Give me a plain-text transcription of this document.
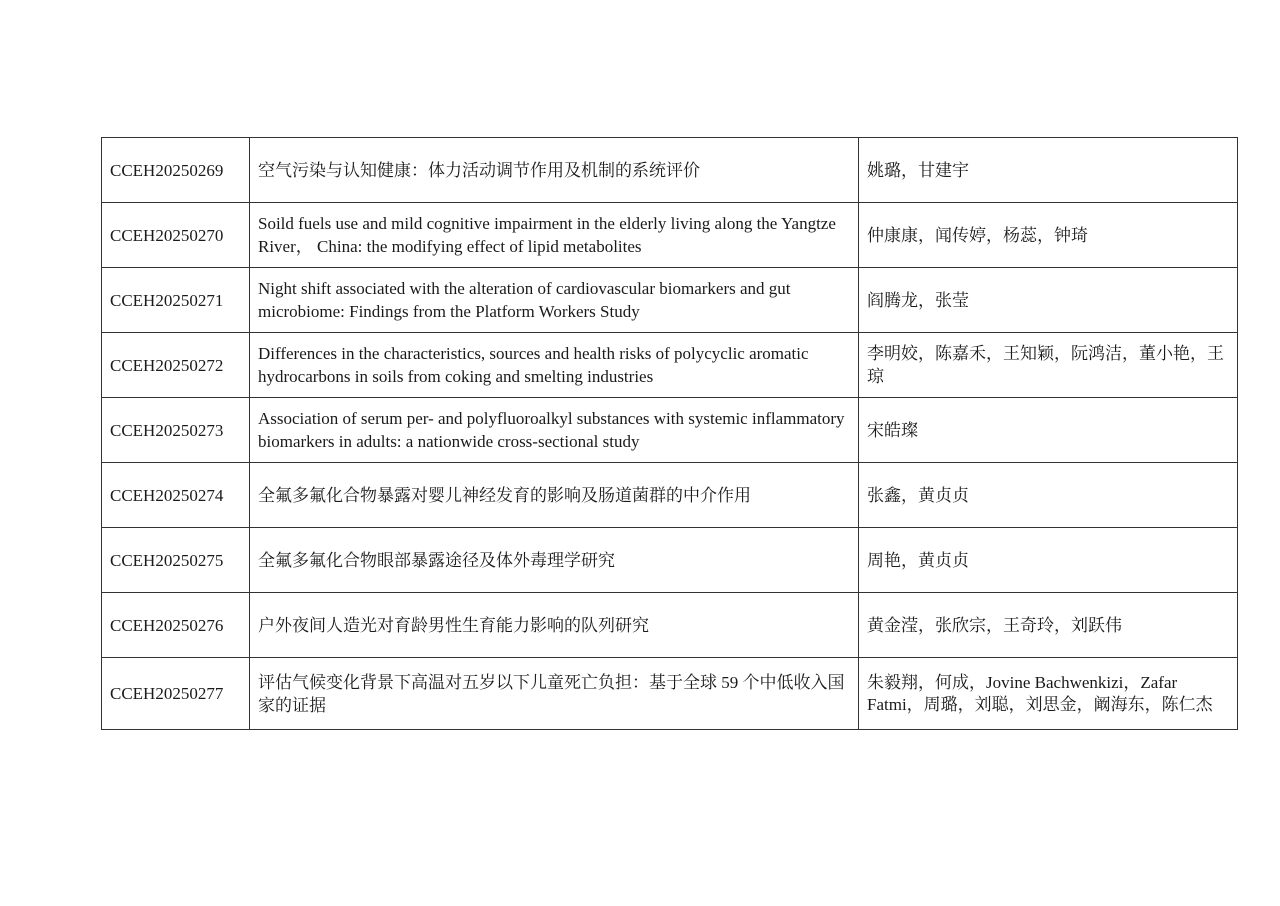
CCEH20250269	空气污染与认知健康：体力活动调节作用及机制的系统评价	姚璐，甘建宇
CCEH20250270	Soild fuels use and mild cognitive impairment in the elderly living along the Yangtze River， China: the modifying effect of lipid metabolites	仲康康，闻传婷，杨蕊，钟琦
CCEH20250271	Night shift associated with the alteration of cardiovascular biomarkers and gut microbiome: Findings from the Platform Workers Study	阎腾龙，张莹
CCEH20250272	Differences in the characteristics, sources and health risks of polycyclic aromatic hydrocarbons in soils from coking and smelting industries	李明姣，陈嘉禾，王知颖，阮鸿洁，董小艳，王琼
CCEH20250273	Association of serum per- and polyfluoroalkyl substances with systemic inflammatory biomarkers in adults: a nationwide cross-sectional study	宋皓璨
CCEH20250274	全氟多氟化合物暴露对婴儿神经发育的影响及肠道菌群的中介作用	张鑫，黄贞贞
CCEH20250275	全氟多氟化合物眼部暴露途径及体外毒理学研究	周艳，黄贞贞
CCEH20250276	户外夜间人造光对育龄男性生育能力影响的队列研究	黄金滢，张欣宗，王奇玲，刘跃伟
CCEH20250277	评估气候变化背景下高温对五岁以下儿童死亡负担：基于全球 59 个中低收入国家的证据	朱毅翔，何成，Jovine Bachwenkizi，Zafar Fatmi，周璐，刘聪，刘思金，阚海东，陈仁杰
